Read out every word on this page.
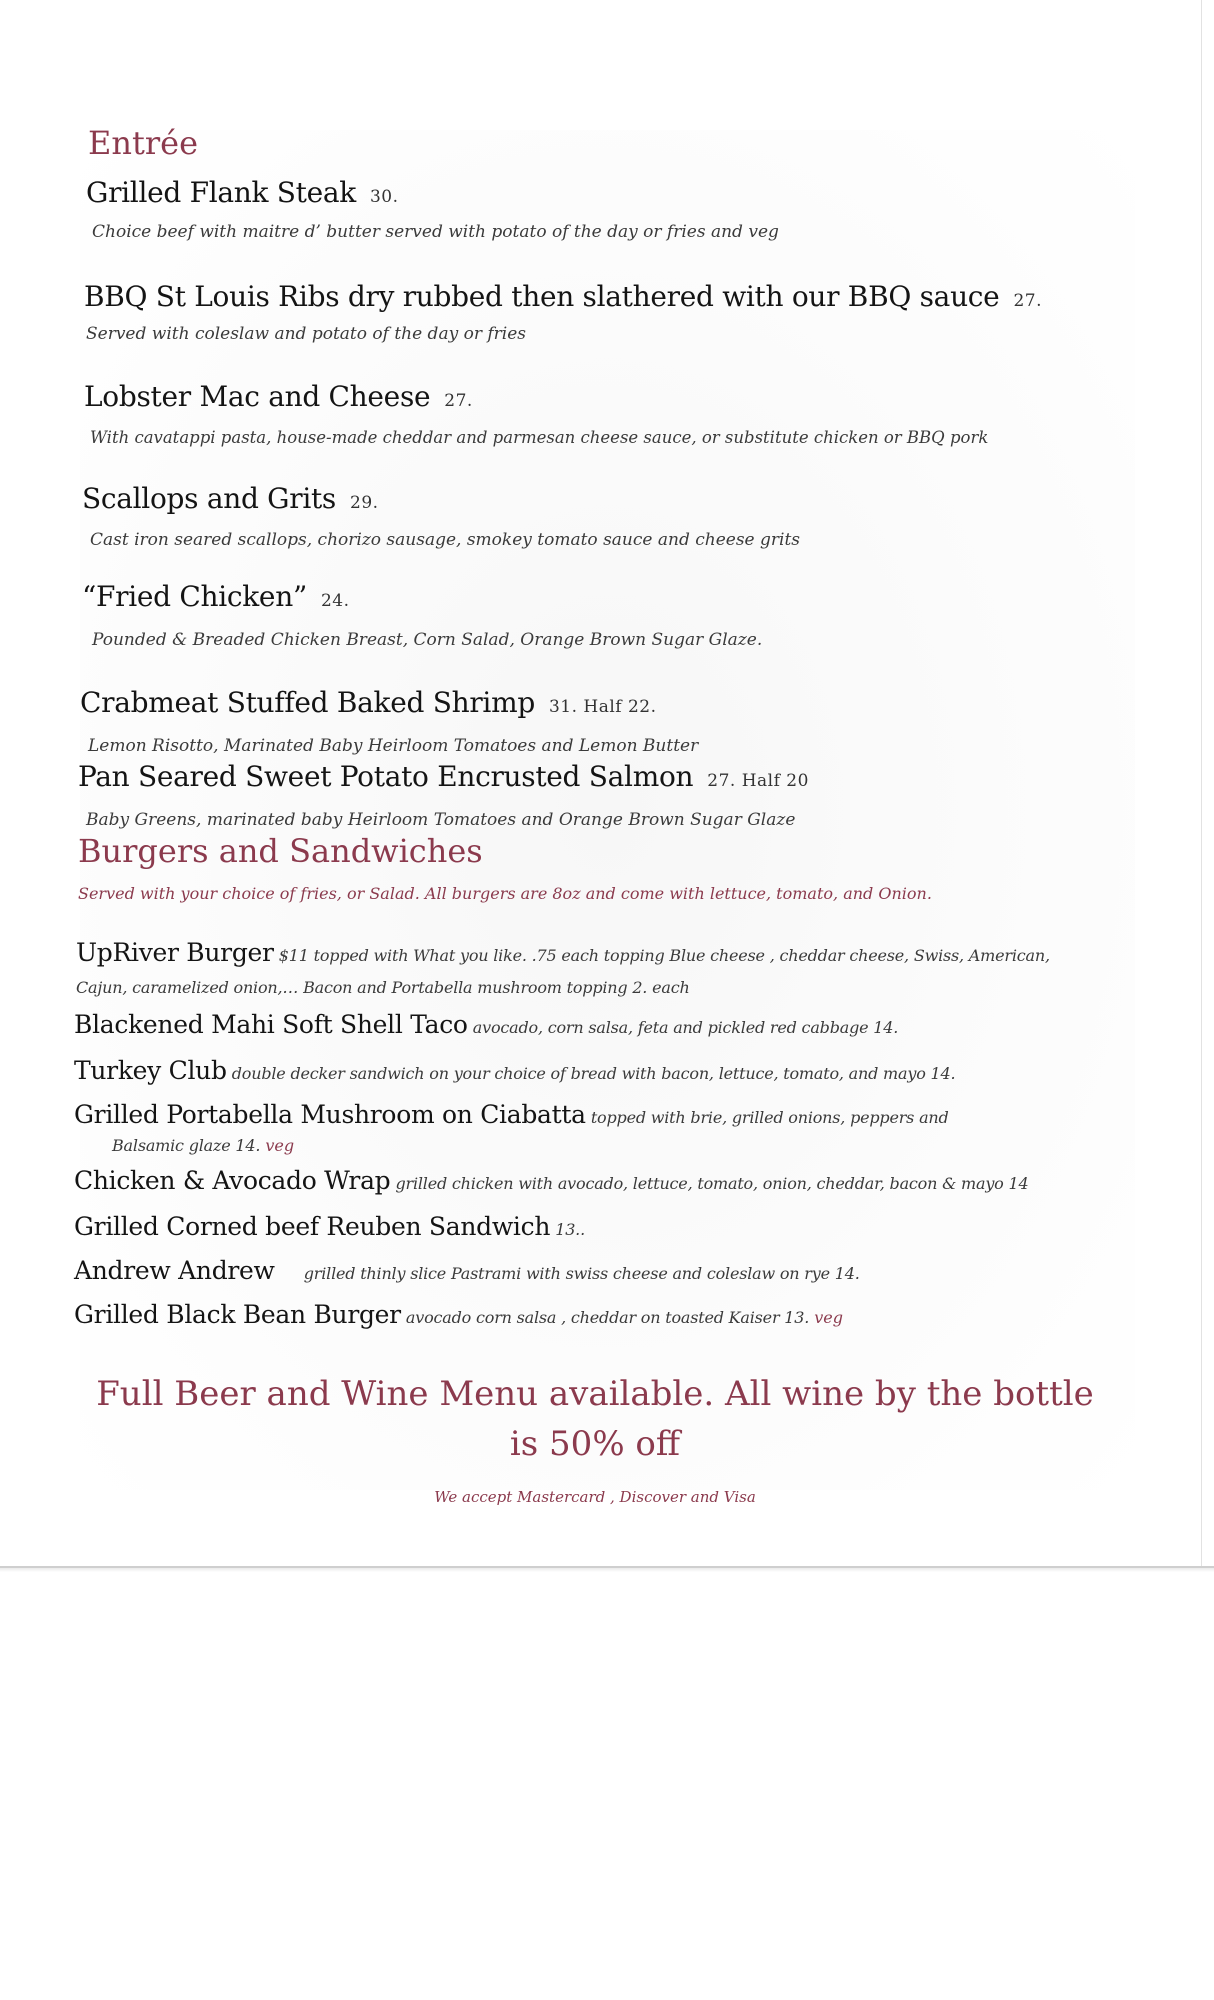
Entrée
Grilled Flank Steak 30.
Choice beef with maitre d’ butter served with potato of the day or fries and veg
BBQ St Louis Ribs dry rubbed then slathered with our BBQ sauce 27.
Served with coleslaw and potato of the day or fries
Lobster Mac and Cheese 27.
With cavatappi pasta, house-made cheddar and parmesan cheese sauce, or substitute chicken or BBQ pork
Scallops and Grits 29.
Cast iron seared scallops, chorizo sausage, smokey tomato sauce and cheese grits
“Fried Chicken” 24.
Pounded & Breaded Chicken Breast, Corn Salad, Orange Brown Sugar Glaze.
Crabmeat Stuffed Baked Shrimp 31. Half 22.
Lemon Risotto, Marinated Baby Heirloom Tomatoes and Lemon Butter
Pan Seared Sweet Potato Encrusted Salmon 27. Half 20
Baby Greens, marinated baby Heirloom Tomatoes and Orange Brown Sugar Glaze
Burgers and Sandwiches
Served with your choice of fries, or Salad. All burgers are 8oz and come with lettuce, tomato, and Onion.
UpRiver Burger $11 topped with What you like. .75 each topping Blue cheese , cheddar cheese, Swiss, American,
Cajun, caramelized onion,… Bacon and Portabella mushroom topping 2. each
Blackened Mahi Soft Shell Taco avocado, corn salsa, feta and pickled red cabbage 14.
Turkey Club double decker sandwich on your choice of bread with bacon, lettuce, tomato, and mayo 14.
Grilled Portabella Mushroom on Ciabatta topped with brie, grilled onions, peppers and
Balsamic glaze 14. veg
Chicken & Avocado Wrap grilled chicken with avocado, lettuce, tomato, onion, cheddar, bacon & mayo 14
Grilled Corned beef Reuben Sandwich 13..
Andrew Andrew grilled thinly slice Pastrami with swiss cheese and coleslaw on rye 14.
Grilled Black Bean Burger avocado corn salsa , cheddar on toasted Kaiser 13. veg
Full Beer and Wine Menu available. All wine by the bottle
is 50% off
We accept Mastercard , Discover and Visa
